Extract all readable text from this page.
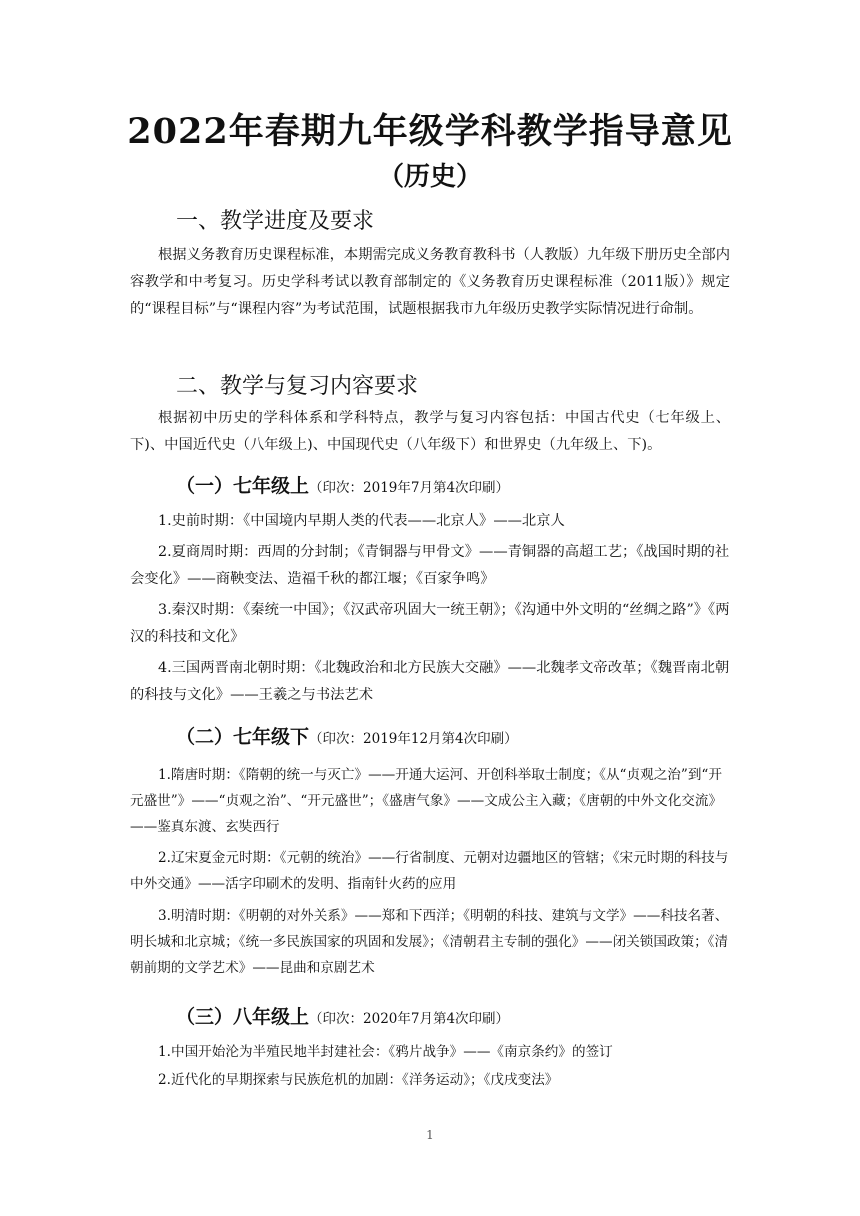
2022年春期九年级学科教学指导意见
（历史）
一、教学进度及要求
根据义务教育历史课程标准，本期需完成义务教育教科书（人教版）九年级下册历史全部内容教学和中考复习。历史学科考试以教育部制定的《义务教育历史课程标准（2011版）》规定的“课程目标”与“课程内容”为考试范围，试题根据我市九年级历史教学实际情况进行命制。
二、教学与复习内容要求
根据初中历史的学科体系和学科特点，教学与复习内容包括：中国古代史（七年级上、下)、中国近代史（八年级上)、中国现代史（八年级下）和世界史（九年级上、下)。
（一）七年级上（印次：2019年7月第4次印刷）
1.史前时期：《中国境内早期人类的代表——北京人》——北京人
2.夏商周时期：西周的分封制；《青铜器与甲骨文》——青铜器的高超工艺；《战国时期的社会变化》——商鞅变法、造福千秋的都江堰；《百家争鸣》
3.秦汉时期：《秦统一中国》；《汉武帝巩固大一统王朝》；《沟通中外文明的“丝绸之路”》《两汉的科技和文化》
4.三国两晋南北朝时期：《北魏政治和北方民族大交融》——北魏孝文帝改革；《魏晋南北朝的科技与文化》——王羲之与书法艺术
（二）七年级下（印次：2019年12月第4次印刷）
1.隋唐时期：《隋朝的统一与灭亡》——开通大运河、开创科举取士制度；《从“贞观之治”到“开元盛世”》——“贞观之治”、“开元盛世”；《盛唐气象》——文成公主入藏；《唐朝的中外文化交流》——鉴真东渡、玄奘西行
2.辽宋夏金元时期：《元朝的统治》——行省制度、元朝对边疆地区的管辖；《宋元时期的科技与中外交通》——活字印刷术的发明、指南针火药的应用
3.明清时期：《明朝的对外关系》——郑和下西洋；《明朝的科技、建筑与文学》——科技名著、明长城和北京城；《统一多民族国家的巩固和发展》；《清朝君主专制的强化》——闭关锁国政策；《清朝前期的文学艺术》——昆曲和京剧艺术
（三）八年级上（印次：2020年7月第4次印刷）
1.中国开始沦为半殖民地半封建社会：《鸦片战争》——《南京条约》的签订
2.近代化的早期探索与民族危机的加剧：《洋务运动》；《戊戌变法》
1
